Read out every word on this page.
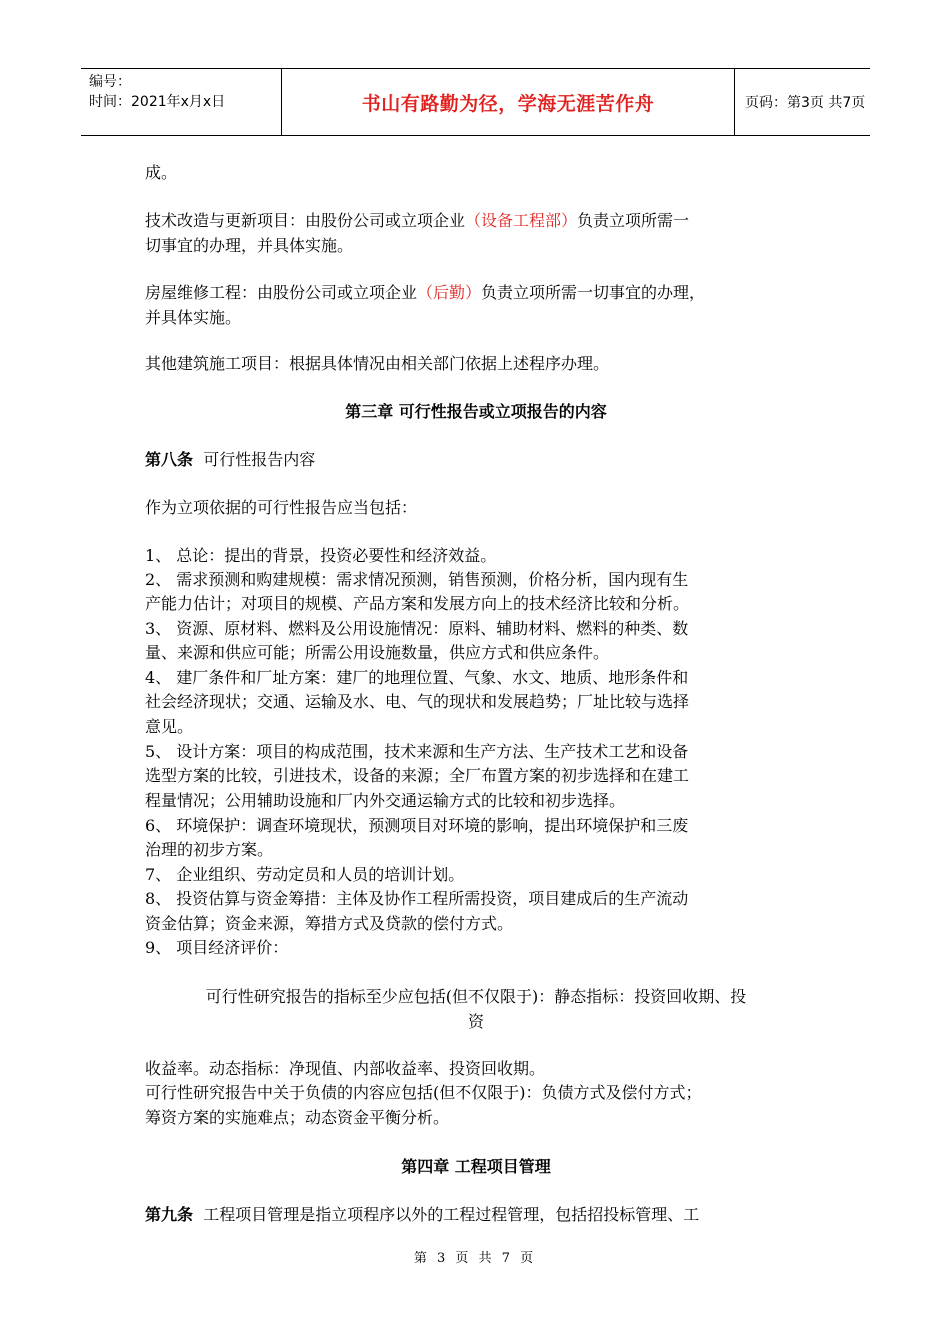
编号：
时间：2021年x月x日	书山有路勤为径，学海无涯苦作舟	页码：第3页 共7页
成。
技术改造与更新项目：由股份公司或立项企业（设备工程部）负责立项所需一
切事宜的办理，并具体实施。
房屋维修工程：由股份公司或立项企业（后勤）负责立项所需一切事宜的办理，
并具体实施。
其他建筑施工项目：根据具体情况由相关部门依据上述程序办理。
第三章 可行性报告或立项报告的内容
第八条 可行性报告内容
作为立项依据的可行性报告应当包括：
1、 总论：提出的背景，投资必要性和经济效益。
2、 需求预测和购建规模：需求情况预测，销售预测，价格分析，国内现有生
产能力估计；对项目的规模、产品方案和发展方向上的技术经济比较和分析。
3、 资源、原材料、燃料及公用设施情况：原料、辅助材料、燃料的种类、数
量、来源和供应可能；所需公用设施数量，供应方式和供应条件。
4、 建厂条件和厂址方案：建厂的地理位置、气象、水文、地质、地形条件和
社会经济现状；交通、运输及水、电、气的现状和发展趋势；厂址比较与选择
意见。
5、 设计方案：项目的构成范围，技术来源和生产方法、生产技术工艺和设备
选型方案的比较，引进技术，设备的来源；全厂布置方案的初步选择和在建工
程量情况；公用辅助设施和厂内外交通运输方式的比较和初步选择。
6、 环境保护：调查环境现状，预测项目对环境的影响，提出环境保护和三废
治理的初步方案。
7、 企业组织、劳动定员和人员的培训计划。
8、 投资估算与资金筹措：主体及协作工程所需投资，项目建成后的生产流动
资金估算；资金来源，筹措方式及贷款的偿付方式。
9、 项目经济评价：
可行性研究报告的指标至少应包括(但不仅限于)：静态指标：投资回收期、投
资
收益率。动态指标：净现值、内部收益率、投资回收期。
可行性研究报告中关于负债的内容应包括(但不仅限于)：负债方式及偿付方式；
筹资方案的实施难点；动态资金平衡分析。
第四章 工程项目管理
第九条 工程项目管理是指立项程序以外的工程过程管理，包括招投标管理、工
第 3 页 共 7 页
